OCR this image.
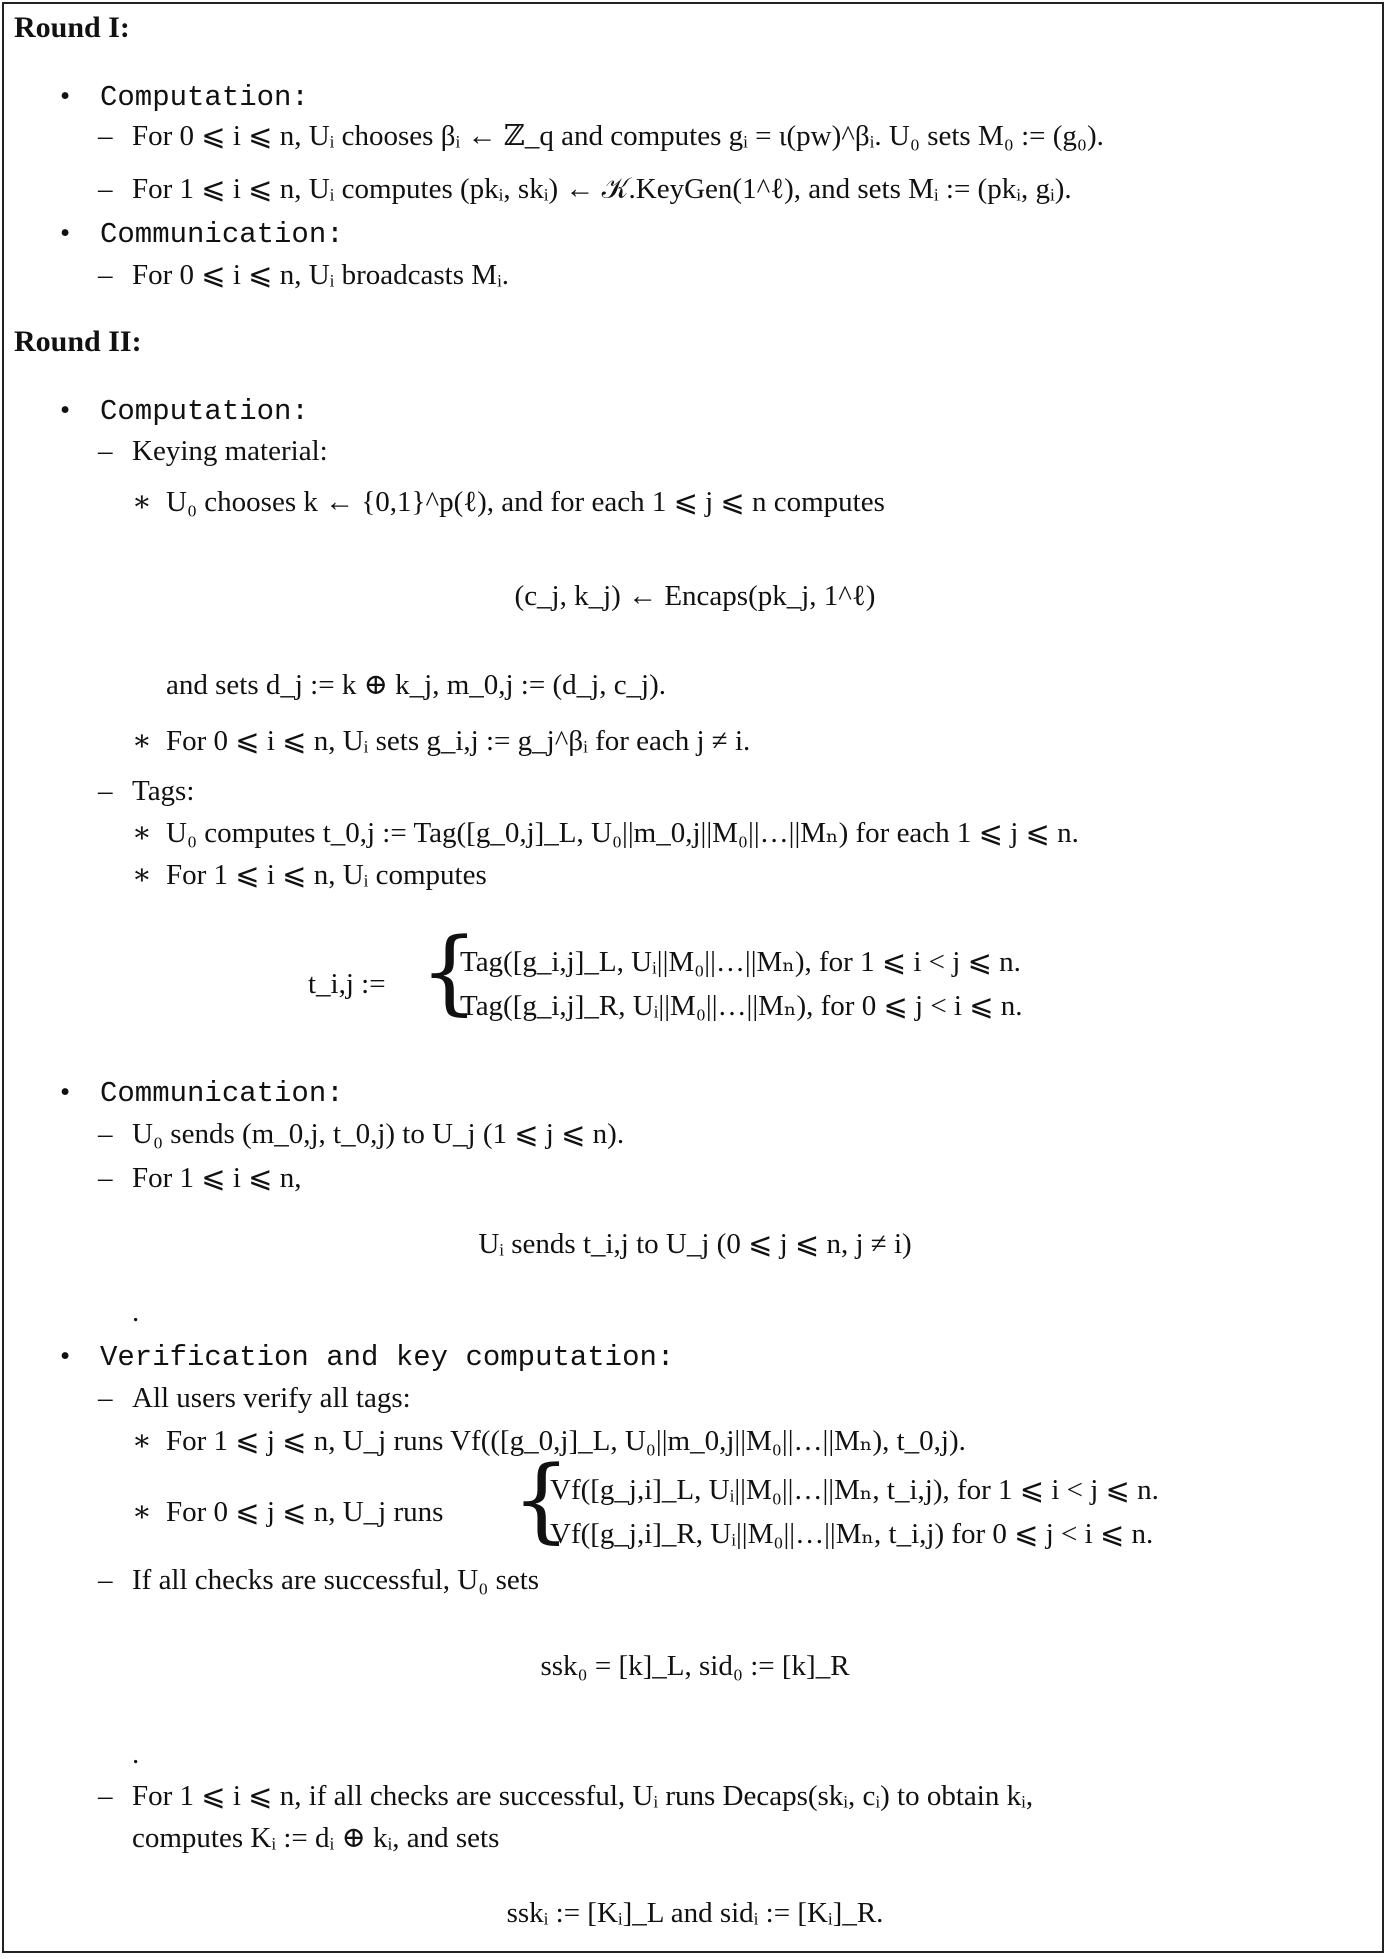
Round I:
• Computation:
– For 0 ⩽ i ⩽ n, Uᵢ chooses βᵢ ← ℤ_q and computes gᵢ = ι(pw)^βᵢ. U₀ sets M₀ := (g₀).
– For 1 ⩽ i ⩽ n, Uᵢ computes (pkᵢ, skᵢ) ← 𝒦.KeyGen(1^ℓ), and sets Mᵢ := (pkᵢ, gᵢ).
• Communication:
– For 0 ⩽ i ⩽ n, Uᵢ broadcasts Mᵢ.
Round II:
• Computation:
– Keying material:
∗ U₀ chooses k ← {0,1}^p(ℓ), and for each 1 ⩽ j ⩽ n computes
(c_j, k_j) ← Encaps(pk_j, 1^ℓ)
and sets d_j := k ⊕ k_j, m_0,j := (d_j, c_j).
∗ For 0 ⩽ i ⩽ n, Uᵢ sets g_i,j := g_j^βᵢ for each j ≠ i.
– Tags:
∗ U₀ computes t_0,j := Tag([g_0,j]_L, U₀||m_0,j||M₀||…||Mₙ) for each 1 ⩽ j ⩽ n.
∗ For 1 ⩽ i ⩽ n, Uᵢ computes
t_i,j := {
Tag([g_i,j]_L, Uᵢ||M₀||…||Mₙ), for 1 ⩽ i < j ⩽ n.
Tag([g_i,j]_R, Uᵢ||M₀||…||Mₙ), for 0 ⩽ j < i ⩽ n.
• Communication:
– U₀ sends (m_0,j, t_0,j) to U_j (1 ⩽ j ⩽ n).
– For 1 ⩽ i ⩽ n,
Uᵢ sends t_i,j to U_j (0 ⩽ j ⩽ n, j ≠ i)
.
• Verification and key computation:
– All users verify all tags:
∗ For 1 ⩽ j ⩽ n, U_j runs Vf(([g_0,j]_L, U₀||m_0,j||M₀||…||Mₙ), t_0,j).
∗ For 0 ⩽ j ⩽ n, U_j runs {
Vf([g_j,i]_L, Uᵢ||M₀||…||Mₙ, t_i,j), for 1 ⩽ i < j ⩽ n.
Vf([g_j,i]_R, Uᵢ||M₀||…||Mₙ, t_i,j) for 0 ⩽ j < i ⩽ n.
– If all checks are successful, U₀ sets
ssk₀ = [k]_L, sid₀ := [k]_R
.
– For 1 ⩽ i ⩽ n, if all checks are successful, Uᵢ runs Decaps(skᵢ, cᵢ) to obtain kᵢ,
computes Kᵢ := dᵢ ⊕ kᵢ, and sets
sskᵢ := [Kᵢ]_L and sidᵢ := [Kᵢ]_R.
